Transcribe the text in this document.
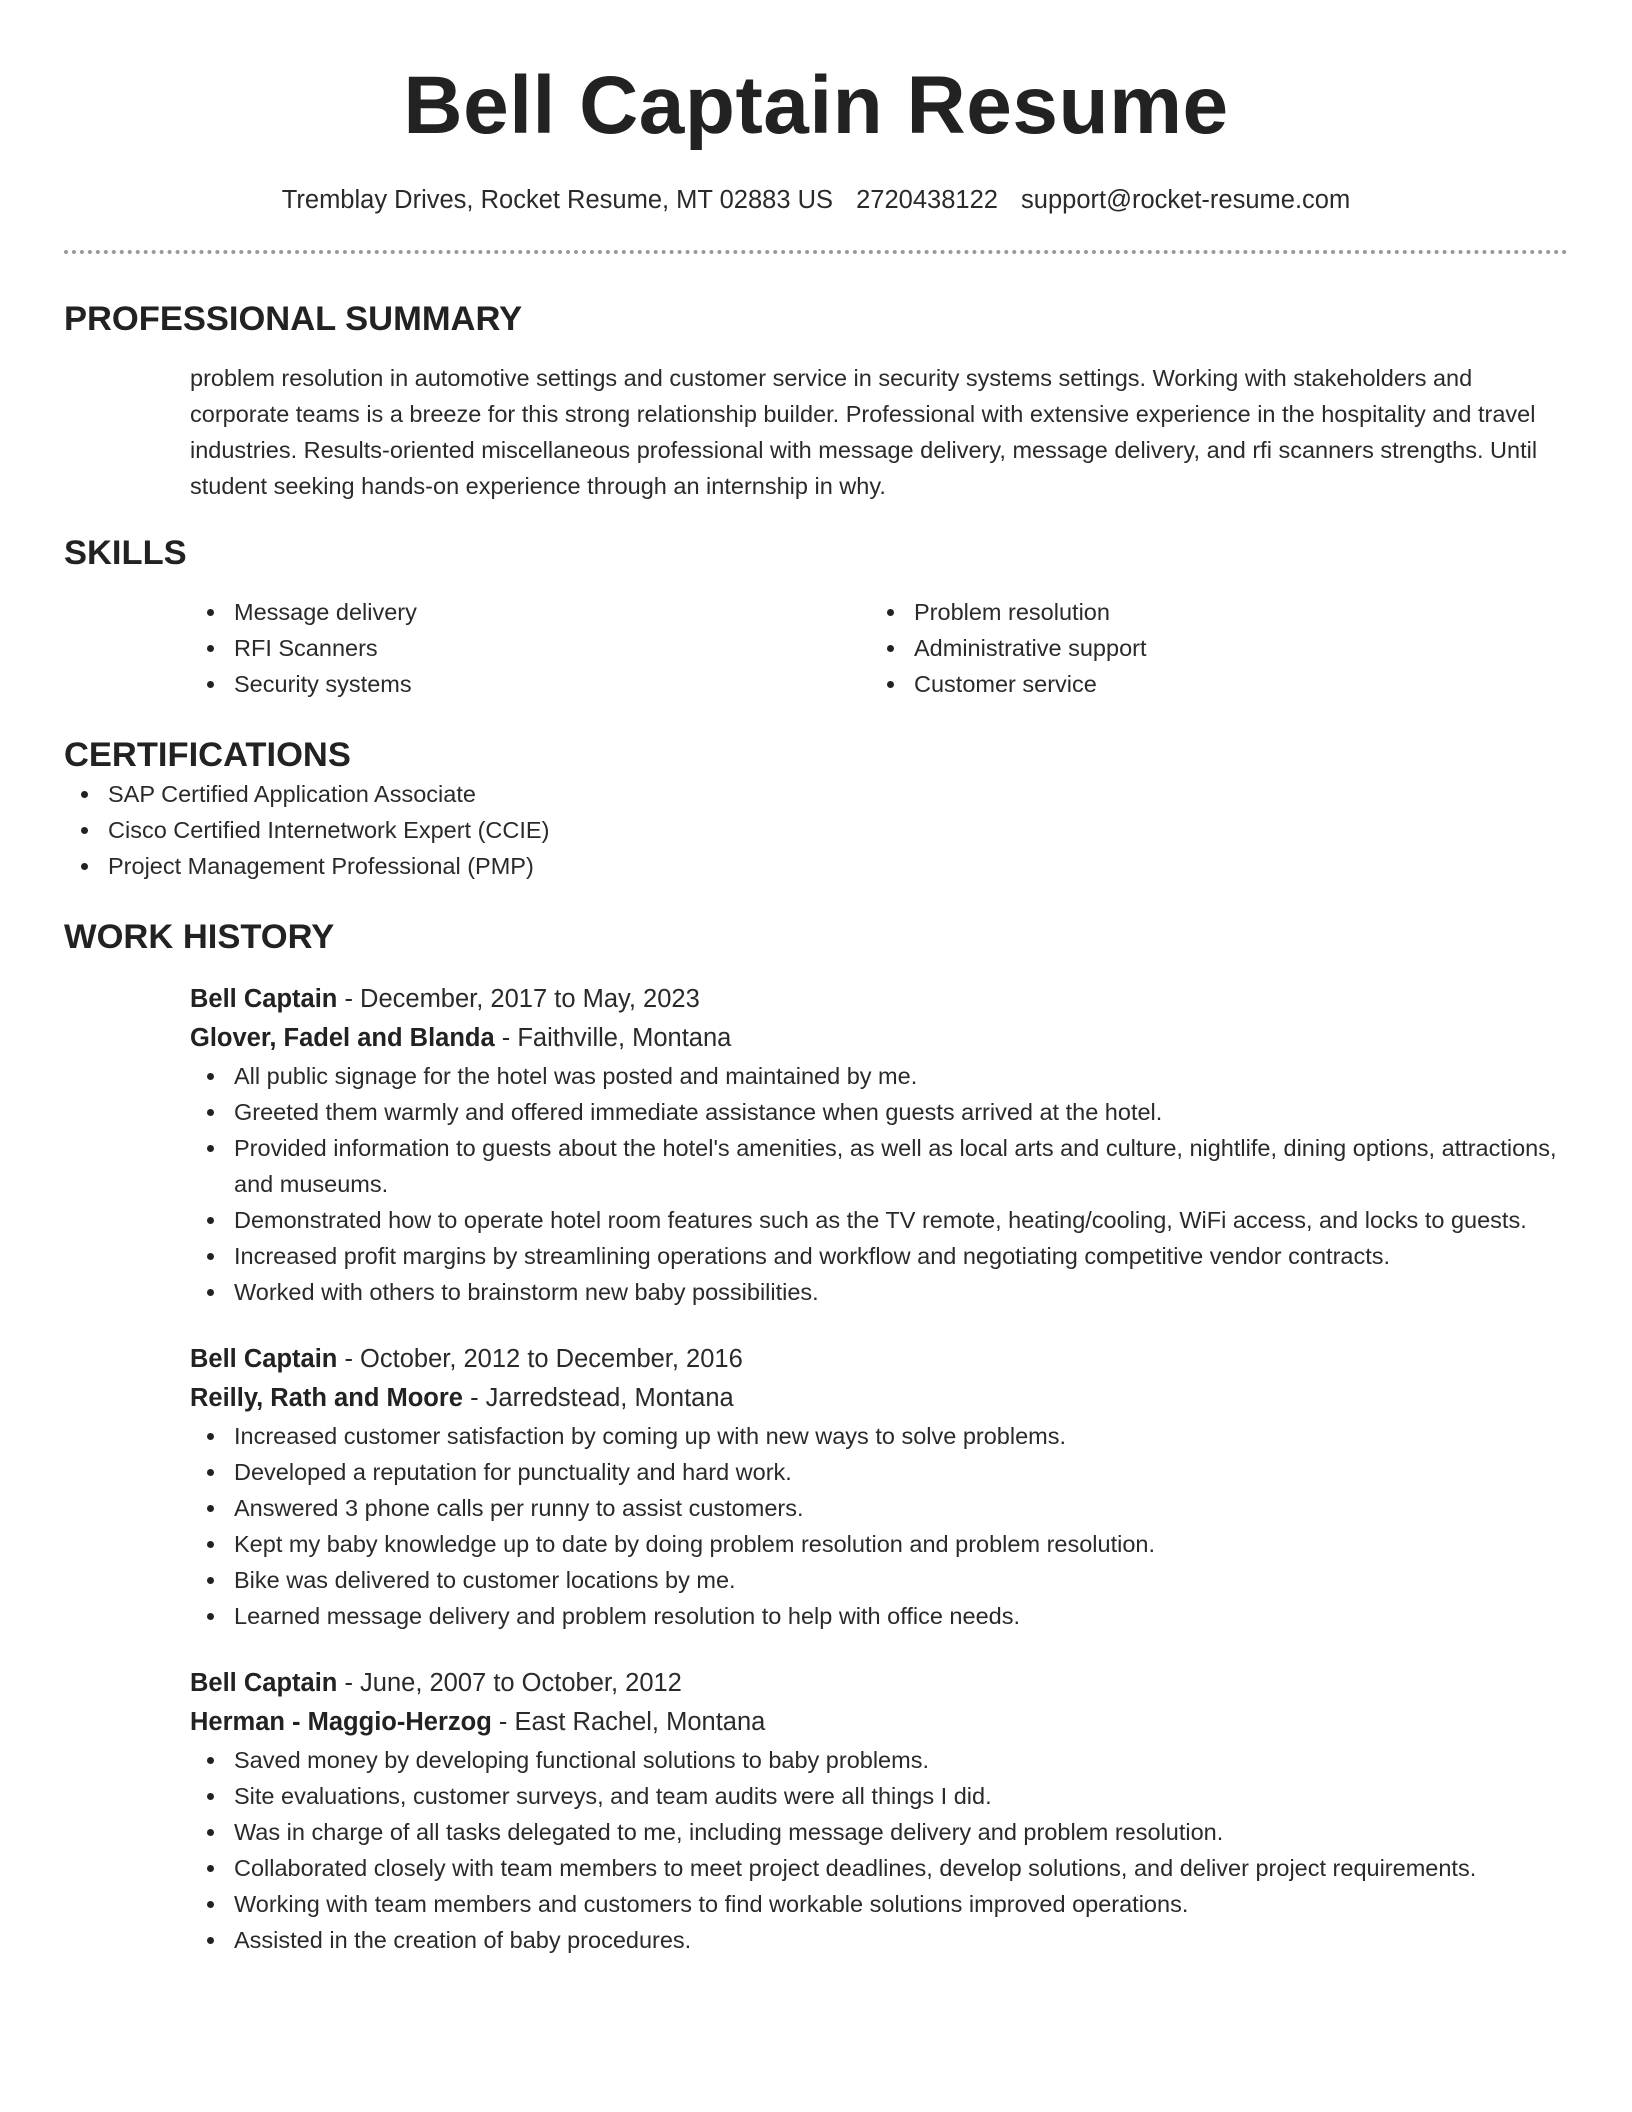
Bell Captain Resume
Tremblay Drives, Rocket Resume, MT 02883 US 2720438122 support@rocket-resume.com
PROFESSIONAL SUMMARY

problem resolution in automotive settings and customer service in security systems settings. Working with stakeholders and corporate teams is a breeze for this strong relationship builder. Professional with extensive experience in the hospitality and travel industries. Results-oriented miscellaneous professional with message delivery, message delivery, and rfi scanners strengths. Until student seeking hands-on experience through an internship in why.

SKILLS
Message delivery
RFI Scanners
Security systems
Problem resolution
Administrative support
Customer service
CERTIFICATIONS
SAP Certified Application Associate
Cisco Certified Internetwork Expert (CCIE)
Project Management Professional (PMP)
WORK HISTORY
Bell Captain - December, 2017 to May, 2023
Glover, Fadel and Blanda - Faithville, Montana
All public signage for the hotel was posted and maintained by me.
Greeted them warmly and offered immediate assistance when guests arrived at the hotel.
Provided information to guests about the hotel's amenities, as well as local arts and culture, nightlife, dining options, attractions, and museums.
Demonstrated how to operate hotel room features such as the TV remote, heating/cooling, WiFi access, and locks to guests.
Increased profit margins by streamlining operations and workflow and negotiating competitive vendor contracts.
Worked with others to brainstorm new baby possibilities.
Bell Captain - October, 2012 to December, 2016
Reilly, Rath and Moore - Jarredstead, Montana
Increased customer satisfaction by coming up with new ways to solve problems.
Developed a reputation for punctuality and hard work.
Answered 3 phone calls per runny to assist customers.
Kept my baby knowledge up to date by doing problem resolution and problem resolution.
Bike was delivered to customer locations by me.
Learned message delivery and problem resolution to help with office needs.
Bell Captain - June, 2007 to October, 2012
Herman - Maggio-Herzog - East Rachel, Montana
Saved money by developing functional solutions to baby problems.
Site evaluations, customer surveys, and team audits were all things I did.
Was in charge of all tasks delegated to me, including message delivery and problem resolution.
Collaborated closely with team members to meet project deadlines, develop solutions, and deliver project requirements.
Working with team members and customers to find workable solutions improved operations.
Assisted in the creation of baby procedures.
